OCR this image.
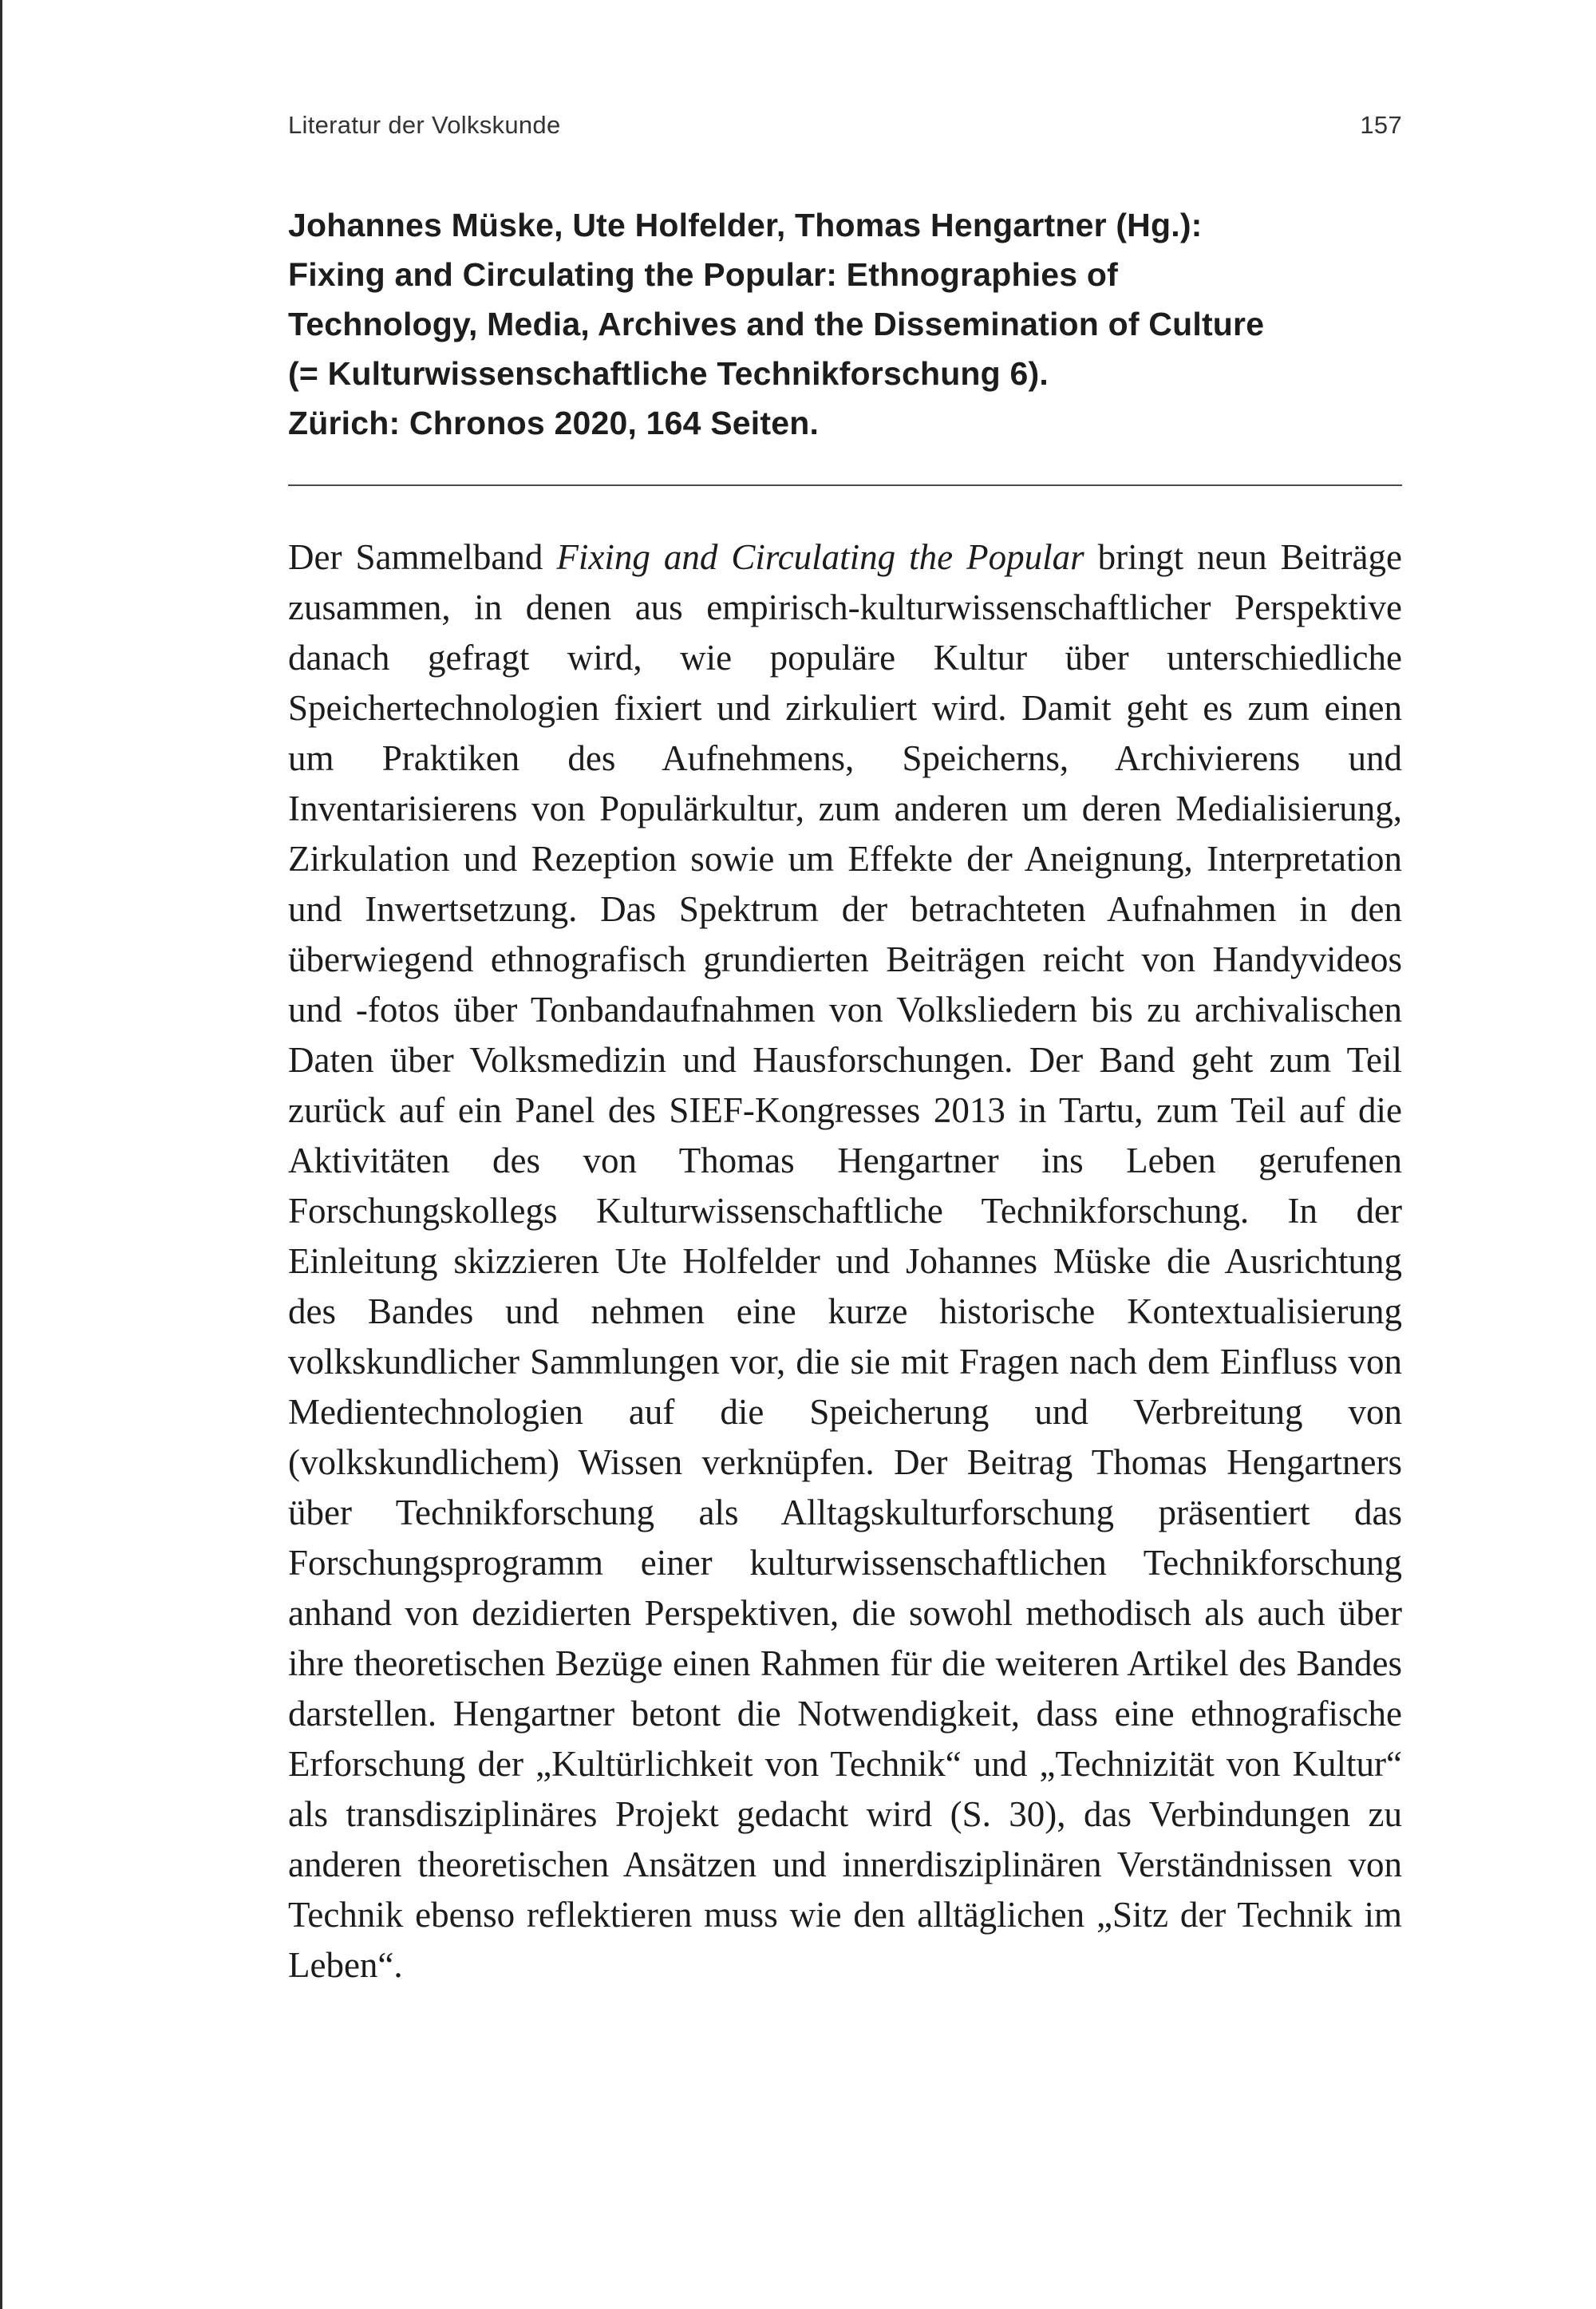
Literatur der Volkskunde	157
Johannes Müske, Ute Holfelder, Thomas Hengartner (Hg.):
Fixing and Circulating the Popular: Ethnographies of
Technology, Media, Archives and the Dissemination of Culture
(= Kulturwissenschaftliche Technikforschung 6).
Zürich: Chronos 2020, 164 Seiten.

Der Sammelband Fixing and Circulating the Popular bringt neun Beiträge zusammen, in denen aus empirisch-kulturwissenschaftlicher Perspektive danach gefragt wird, wie populäre Kultur über unterschiedliche Speichertechnologien fixiert und zirkuliert wird. Damit geht es zum einen um Praktiken des Aufnehmens, Speicherns, Archivierens und Inventarisierens von Populärkultur, zum anderen um deren Medialisierung, Zirkulation und Rezeption sowie um Effekte der Aneignung, Interpretation und Inwertsetzung. Das Spektrum der betrachteten Aufnahmen in den überwiegend ethnografisch grundierten Beiträgen reicht von Handyvideos und -fotos über Tonbandaufnahmen von Volksliedern bis zu archivalischen Daten über Volksmedizin und Hausforschungen. Der Band geht zum Teil zurück auf ein Panel des SIEF-Kongresses 2013 in Tartu, zum Teil auf die Aktivitäten des von Thomas Hengartner ins Leben gerufenen Forschungskollegs Kulturwissenschaftliche Technikforschung. In der Einleitung skizzieren Ute Holfelder und Johannes Müske die Ausrichtung des Bandes und nehmen eine kurze historische Kontextualisierung volkskundlicher Sammlungen vor, die sie mit Fragen nach dem Einfluss von Medientechnologien auf die Speicherung und Verbreitung von (volkskundlichem) Wissen verknüpfen. Der Beitrag Thomas Hengartners über Technikforschung als Alltagskulturforschung präsentiert das Forschungsprogramm einer kulturwissenschaftlichen Technikforschung anhand von dezidierten Perspektiven, die sowohl methodisch als auch über ihre theoretischen Bezüge einen Rahmen für die weiteren Artikel des Bandes darstellen. Hengartner betont die Notwendigkeit, dass eine ethnografische Erforschung der „Kultürlichkeit von Technik“ und „Technizität von Kultur“ als transdisziplinäres Projekt gedacht wird (S. 30), das Verbindungen zu anderen theoretischen Ansätzen und innerdisziplinären Verständnissen von Technik ebenso reflektieren muss wie den alltäglichen „Sitz der Technik im Leben“.
